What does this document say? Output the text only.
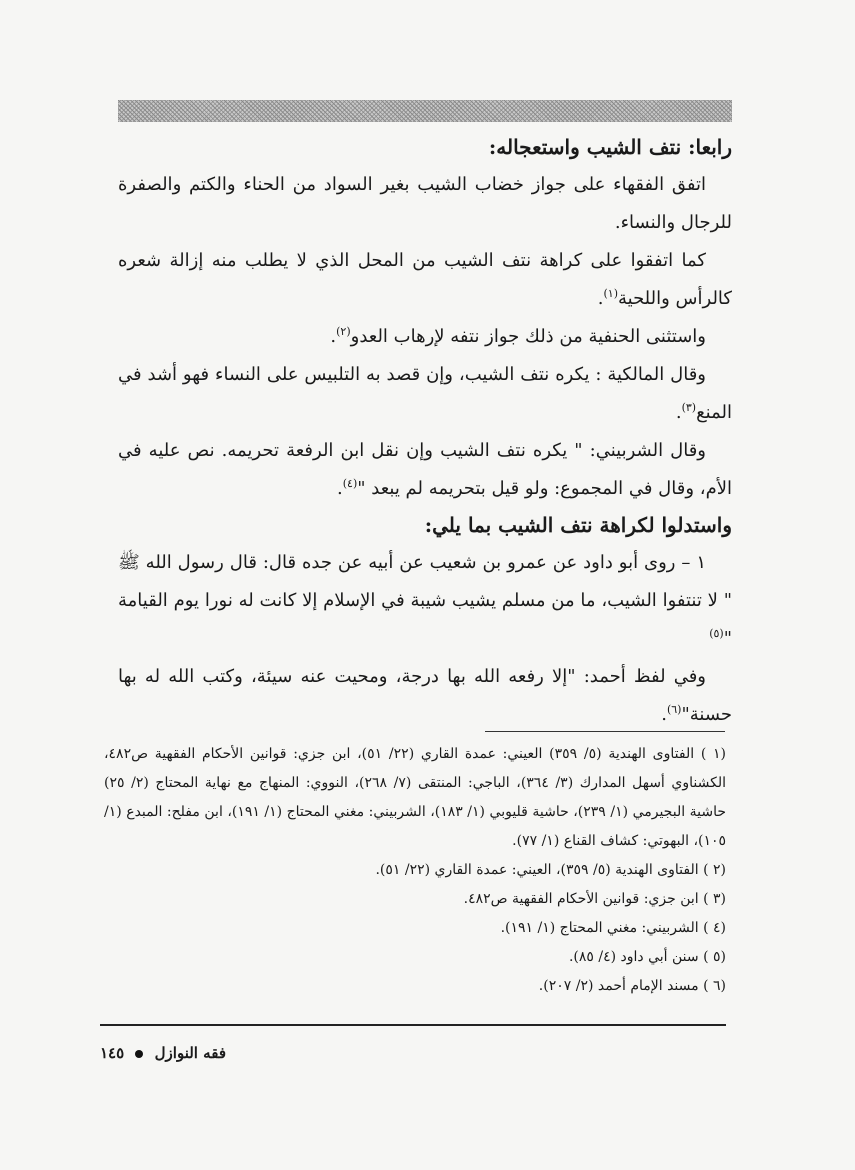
رابعا: نتف الشيب واستعجاله:

اتفق الفقهاء على جواز خضاب الشيب بغير السواد من الحناء والكتم والصفرة للرجال والنساء.

كما اتفقوا على كراهة نتف الشيب من المحل الذي لا يطلب منه إزالة شعره كالرأس واللحية$^{(١)}$.

واستثنى الحنفية من ذلك جواز نتفه لإرهاب العدو$^{(٢)}$.

وقال المالكية : يكره نتف الشيب، وإن قصد به التلبيس على النساء فهو أشد في المنع$^{(٣)}$.

وقال الشربيني: " يكره نتف الشيب وإن نقل ابن الرفعة تحريمه. نص عليه في الأم، وقال في المجموع: ولو قيل بتحريمه لم يبعد "$^{(٤)}$.

واستدلوا لكراهة نتف الشيب بما يلي:

١ – روى أبو داود عن عمرو بن شعيب عن أبيه عن جده قال: قال رسول الله ﷺ " لا تنتفوا الشيب، ما من مسلم يشيب شيبة في الإسلام إلا كانت له نورا يوم القيامة "$^{(٥)}$

وفي لفظ أحمد: "إلا رفعه الله بها درجة، ومحيت عنه سيئة، وكتب الله له بها حسنة"$^{(٦)}$.

(١ ) الفتاوى الهندية (٥/ ٣٥٩) العيني: عمدة القاري (٢٢/ ٥١)، ابن جزي: قوانين الأحكام الفقهية ص٤٨٢، الكشناوي أسهل المدارك (٣/ ٣٦٤)، الباجي: المنتقى (٧/ ٢٦٨)، النووي: المنهاج مع نهاية المحتاج (٢/ ٢٥) حاشية البجيرمي (١/ ٢٣٩)، حاشية قليوبي (١/ ١٨٣)، الشربيني: مغني المحتاج (١/ ١٩١)، ابن مفلح: المبدع (١/ ١٠٥)، البهوتي: كشاف القناع (١/ ٧٧).

(٢ ) الفتاوى الهندية (٥/ ٣٥٩)، العيني: عمدة القاري (٢٢/ ٥١).

(٣ ) ابن جزي: قوانين الأحكام الفقهية ص٤٨٢.

(٤ ) الشربيني: مغني المحتاج (١/ ١٩١).

(٥ ) سنن أبي داود (٤/ ٨٥).

(٦ ) مسند الإمام أحمد (٢/ ٢٠٧).

فقه النوازل  ١٤٥
